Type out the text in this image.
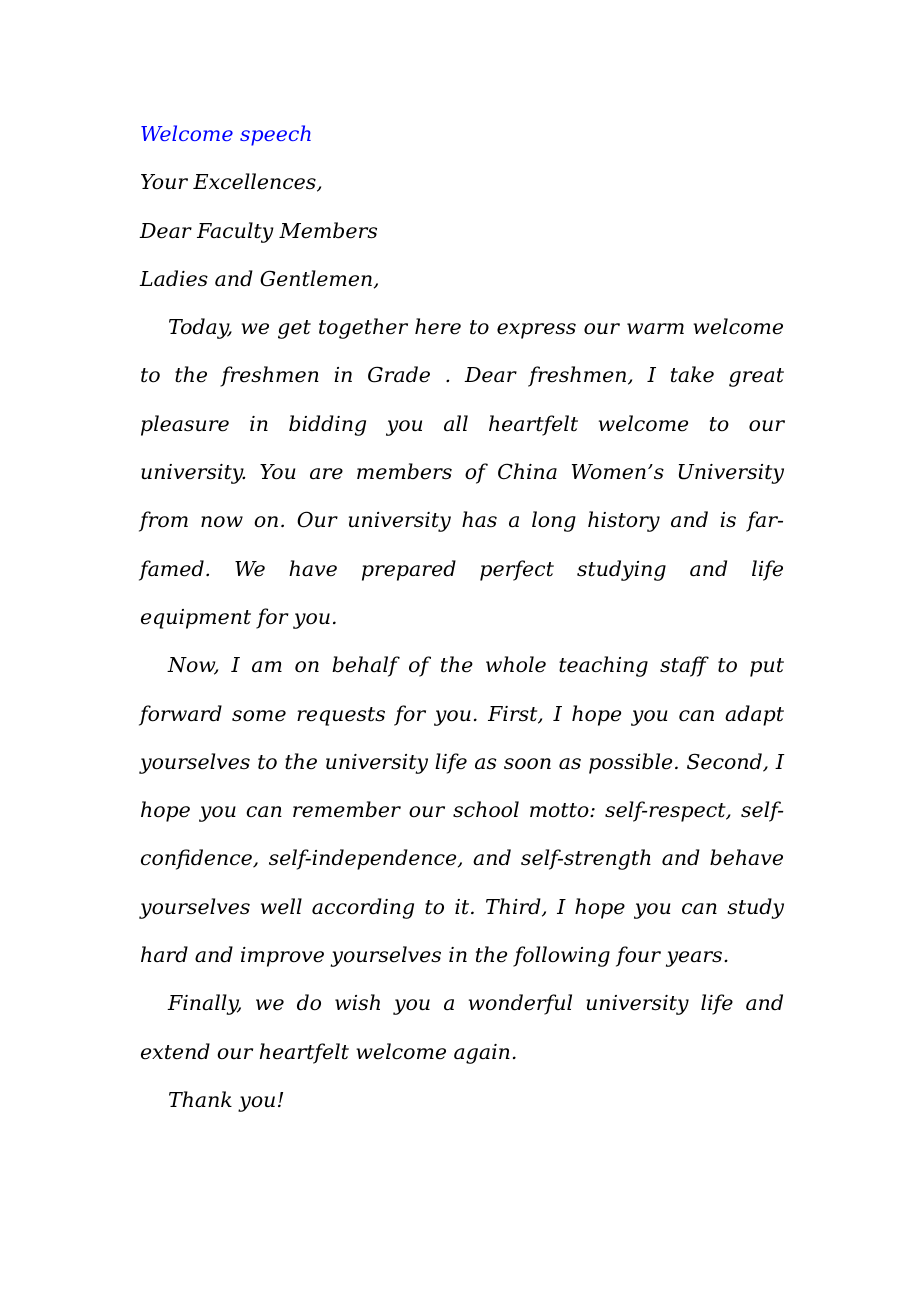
Welcome speech
Your Excellences,
Dear Faculty Members
Ladies and Gentlemen,

Today, we get together here to express our warm welcome to the freshmen in Grade . Dear freshmen, I take great pleasure in bidding you all heartfelt welcome to our university. You are members of China Women’s University from now on. Our university has a long history and is far-famed. We have prepared perfect studying and life equipment for you.

Now, I am on behalf of the whole teaching staff to put forward some requests for you. First, I hope you can adapt yourselves to the university life as soon as possible. Second, I hope you can remember our school motto: self-respect, self-confidence, self-independence, and self-strength and behave yourselves well according to it. Third, I hope you can study hard and improve yourselves in the following four years.

Finally, we do wish you a wonderful university life and extend our heartfelt welcome again.

Thank you!
